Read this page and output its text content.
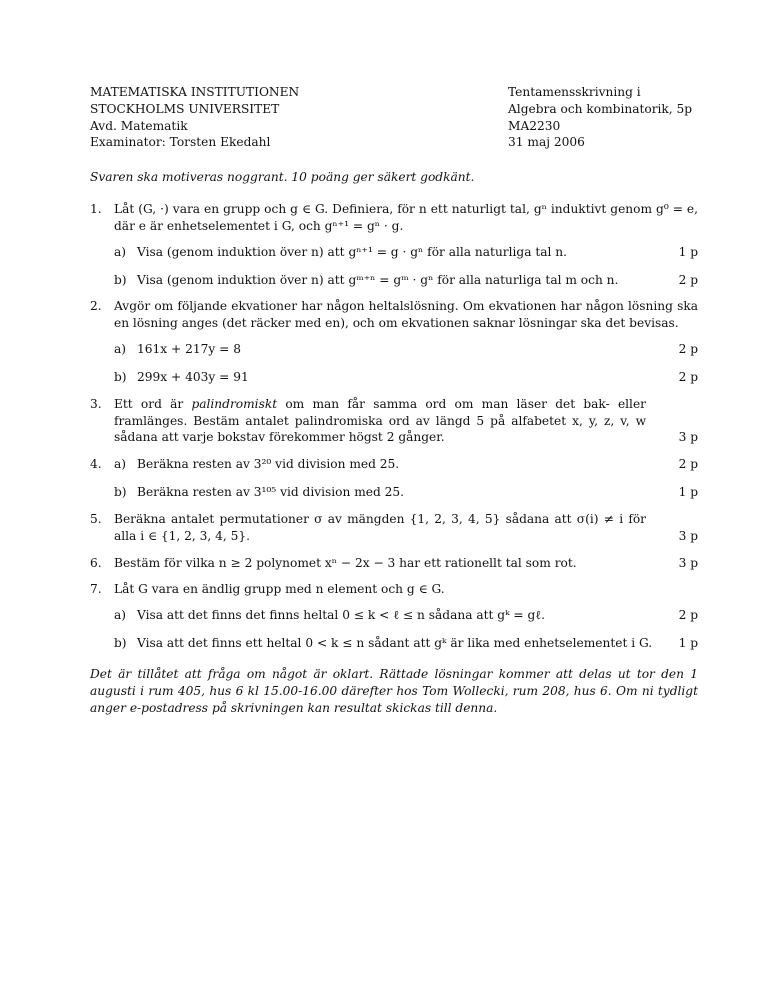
MATEMATISKA INSTITUTIONEN
STOCKHOLMS UNIVERSITET
Avd. Matematik
Examinator: Torsten Ekedahl
Tentamensskrivning i
Algebra och kombinatorik, 5p
MA2230
31 maj 2006
Svaren ska motiveras noggrant. 10 poäng ger säkert godkänt.
1.	Låt (G, ·) vara en grupp och g ∈ G. Definiera, för n ett naturligt tal, gⁿ induktivt genom g⁰ = e, där e är enhetselementet i G, och gⁿ⁺¹ = gⁿ · g.
a) Visa (genom induktion över n) att gⁿ⁺¹ = g · gⁿ för alla naturliga tal n.	1 p
b) Visa (genom induktion över n) att gᵐ⁺ⁿ = gᵐ · gⁿ för alla naturliga tal m och n.	2 p
2.	Avgör om följande ekvationer har någon heltalslösning. Om ekvationen har någon lösning ska en lösning anges (det räcker med en), och om ekvationen saknar lösningar ska det bevisas.
a) 161x + 217y = 8	2 p
b) 299x + 403y = 91	2 p
3.	Ett ord är palindromiskt om man får samma ord om man läser det bak- eller framlänges. Bestäm antalet palindromiska ord av längd 5 på alfabetet x, y, z, v, w sådana att varje bokstav förekommer högst 2 gånger.	3 p
4.	a) Beräkna resten av 3²⁰ vid division med 25.	2 p
b) Beräkna resten av 3¹⁰⁵ vid division med 25.	1 p
5.	Beräkna antalet permutationer σ av mängden {1, 2, 3, 4, 5} sådana att σ(i) ≠ i för alla i ∈ {1, 2, 3, 4, 5}.	3 p
6.	Bestäm för vilka n ≥ 2 polynomet xⁿ − 2x − 3 har ett rationellt tal som rot.	3 p
7.	Låt G vara en ändlig grupp med n element och g ∈ G.
a) Visa att det finns det finns heltal 0 ≤ k < ℓ ≤ n sådana att gᵏ = gℓ.	2 p
b) Visa att det finns ett heltal 0 < k ≤ n sådant att gᵏ är lika med enhetselementet i G.	1 p
Det är tillåtet att fråga om något är oklart. Rättade lösningar kommer att delas ut tor den 1 augusti i rum 405, hus 6 kl 15.00-16.00 därefter hos Tom Wollecki, rum 208, hus 6. Om ni tydligt anger e-postadress på skrivningen kan resultat skickas till denna.
